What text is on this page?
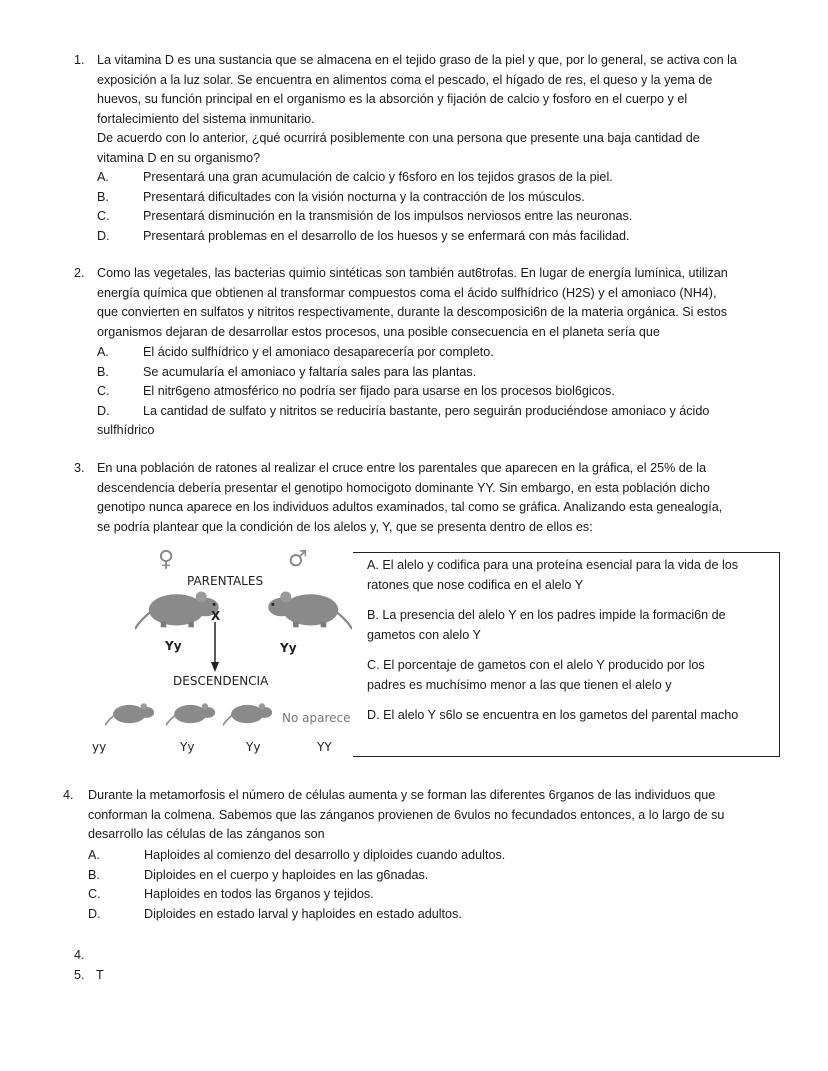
1. La vitamina D es una sustancia que se almacena en el tejido graso de la piel y que, por lo general, se activa con la
exposición a la luz solar. Se encuentra en alimentos coma el pescado, el hígado de res, el queso y la yema de
huevos, su función principal en el organismo es la absorción y fijación de calcio y fosforo en el cuerpo y el
fortalecimiento del sistema inmunitario.
De acuerdo con lo anterior, ¿qué ocurrirá posiblemente con una persona que presente una baja cantidad de
vitamina D en su organismo?
A.	Presentará una gran acumulación de calcio y f6sforo en los tejidos grasos de la piel.
B.	Presentará dificultades con la visión nocturna y la contracción de los músculos.
C.	Presentará disminución en la transmisión de los impulsos nerviosos entre las neuronas.
D.	Presentará problemas en el desarrollo de los huesos y se enfermará con más facilidad.
2. Como las vegetales, las bacterias quimio sintéticas son también aut6trofas. En lugar de energía lumínica, utilizan
energía química que obtienen al transformar compuestos coma el ácido sulfhídrico (H2S) y el amoniaco (NH4),
que convierten en sulfatos y nitritos respectivamente, durante la descomposici6n de la materia orgánica. Si estos
organismos dejaran de desarrollar estos procesos, una posible consecuencia en el planeta sería que
A.	El ácido sulfhídrico y el amoniaco desaparecería por completo.
B.	Se acumularía el amoniaco y faltaría sales para las plantas.
C.	El nitr6geno atmosférico no podría ser fijado para usarse en los procesos biol6gicos.
D.	La cantidad de sulfato y nitritos se reduciría bastante, pero seguirán produciéndose amoniaco y ácido
sulfhídrico
3. En una población de ratones al realizar el cruce entre los parentales que aparecen en la gráfica, el 25% de la
descendencia debería presentar el genotipo homocigoto dominante YY. Sin embargo, en esta población dicho
genotipo nunca aparece en los individuos adultos examinados, tal como se gráfica. Analizando esta genealogía,
se podría plantear que la condición de los alelos y, Y, que se presenta dentro de ellos es:
♀	♂
PARENTALES
X
Yy	Yy
DESCENDENCIA
No aparece
yy	Yy	Yy	YY
A. El alelo y codifica para una proteína esencial para la vida de los
ratones que nose codifica en el alelo Y
B. La presencia del alelo Y en los padres impide la formaci6n de
gametos con alelo Y
C. El porcentaje de gametos con el alelo Y producido por los
padres es muchísimo menor a las que tienen el alelo y
D. El alelo Y s6lo se encuentra en los gametos del parental macho
4.	Durante la metamorfosis el número de células aumenta y se forman las diferentes 6rganos de las individuos que
conforman la colmena. Sabemos que las zánganos provienen de 6vulos no fecundados entonces, a lo largo de su
desarrollo las células de las zánganos son
A.	Haploides al comienzo del desarrollo y diploides cuando adultos.
B.	Diploides en el cuerpo y haploides en las g6nadas.
C.	Haploides en todos las 6rganos y tejidos.
D.	Diploides en estado larval y haploides en estado adultos.
4.
5. T
